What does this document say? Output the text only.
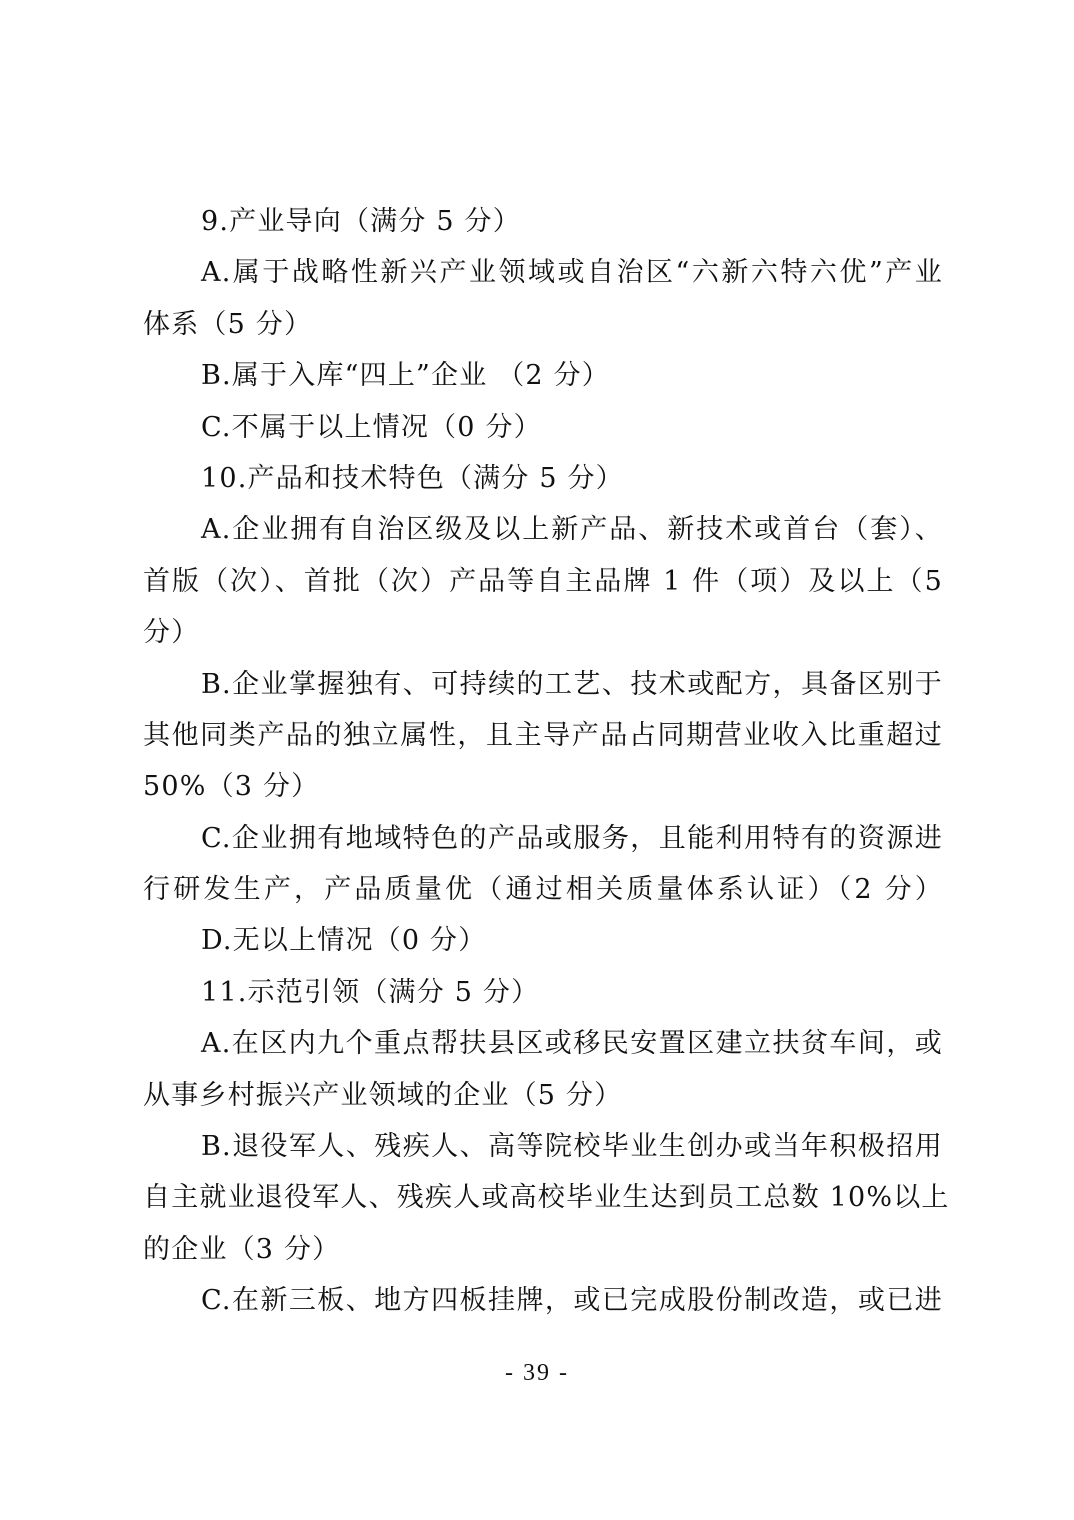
9.产业导向（满分 5 分）
A.属于战略性新兴产业领域或自治区“六新六特六优”产业
体系（5 分）
B.属于入库“四上”企业 （2 分）
C.不属于以上情况（0 分）
10.产品和技术特色（满分 5 分）
A.企业拥有自治区级及以上新产品、新技术或首台（套）、
首版（次）、首批（次）产品等自主品牌 1 件（项）及以上（5
分）
B.企业掌握独有、可持续的工艺、技术或配方，具备区别于
其他同类产品的独立属性，且主导产品占同期营业收入比重超过
50%（3 分）
C.企业拥有地域特色的产品或服务，且能利用特有的资源进
行研发生产，产品质量优（通过相关质量体系认证）（2 分）
D.无以上情况（0 分）
11.示范引领（满分 5 分）
A.在区内九个重点帮扶县区或移民安置区建立扶贫车间，或
从事乡村振兴产业领域的企业（5 分）
B.退役军人、残疾人、高等院校毕业生创办或当年积极招用
自主就业退役军人、残疾人或高校毕业生达到员工总数 10%以上
的企业（3 分）
C.在新三板、地方四板挂牌，或已完成股份制改造，或已进
- 39 -
